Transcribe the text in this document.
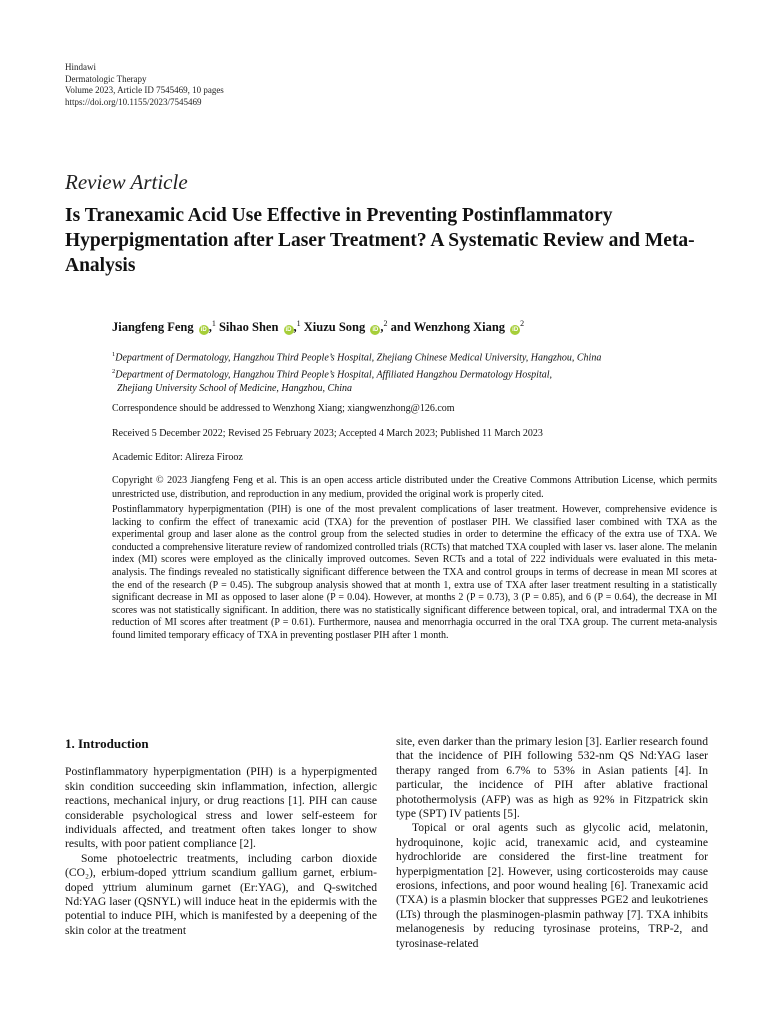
Hindawi
Dermatologic Therapy
Volume 2023, Article ID 7545469, 10 pages
https://doi.org/10.1155/2023/7545469
Review Article
Is Tranexamic Acid Use Effective in Preventing Postinflammatory Hyperpigmentation after Laser Treatment? A Systematic Review and Meta-Analysis
Jiangfeng Feng iD ,$^1$ Sihao Shen iD ,$^1$ Xiuzu Song iD ,$^2$ and Wenzhong Xiang $iD^2$
$^1$Department of Dermatology, Hangzhou Third People’s Hospital, Zhejiang Chinese Medical University, Hangzhou, China
$^2$Department of Dermatology, Hangzhou Third People’s Hospital, Affiliated Hangzhou Dermatology Hospital,
Zhejiang University School of Medicine, Hangzhou, China
Correspondence should be addressed to Wenzhong Xiang; xiangwenzhong@126.com
Received 5 December 2022; Revised 25 February 2023; Accepted 4 March 2023; Published 11 March 2023
Academic Editor: Alireza Firooz
Copyright © 2023 Jiangfeng Feng et al. This is an open access article distributed under the Creative Commons Attribution License, which permits unrestricted use, distribution, and reproduction in any medium, provided the original work is properly cited.

Postinflammatory hyperpigmentation (PIH) is one of the most prevalent complications of laser treatment. However, comprehensive evidence is lacking to confirm the effect of tranexamic acid (TXA) for the prevention of postlaser PIH. We classified laser combined with TXA as the experimental group and laser alone as the control group from the selected studies in order to determine the efficacy of the extra use of TXA. We conducted a comprehensive literature review of randomized controlled trials (RCTs) that matched TXA coupled with laser vs. laser alone. The melanin index (MI) scores were employed as the clinically improved outcomes. Seven RCTs and a total of 222 individuals were evaluated in this meta-analysis. The findings revealed no statistically significant difference between the TXA and control groups in terms of decrease in mean MI scores at the end of the research (P = 0.45). The subgroup analysis showed that at month 1, extra use of TXA after laser treatment resulting in a statistically significant decrease in MI as opposed to laser alone (P = 0.04). However, at months 2 (P = 0.73), 3 (P = 0.85), and 6 (P = 0.64), the decrease in MI scores was not statistically significant. In addition, there was no statistically significant difference between topical, oral, and intradermal TXA on the reduction of MI scores after treatment (P = 0.61). Furthermore, nausea and menorrhagia occurred in the oral TXA group. The current meta-analysis found limited temporary efficacy of TXA in preventing postlaser PIH after 1 month.

1. Introduction

Postinflammatory hyperpigmentation (PIH) is a hyperpigmented skin condition succeeding skin inflammation, infection, allergic reactions, mechanical injury, or drug reactions [1]. PIH can cause considerable psychological stress and lower self-esteem for individuals affected, and treatment often takes longer to show results, with poor patient compliance [2].

Some photoelectric treatments, including carbon dioxide (CO₂), erbium-doped yttrium scandium gallium garnet, erbium-doped yttrium aluminum garnet (Er:YAG), and Q-switched Nd:YAG laser (QSNYL) will induce heat in the epidermis with the potential to induce PIH, which is manifested by a deepening of the skin color at the treatment

site, even darker than the primary lesion [3]. Earlier research found that the incidence of PIH following 532-nm QS Nd:YAG laser therapy ranged from 6.7% to 53% in Asian patients [4]. In particular, the incidence of PIH after ablative fractional photothermolysis (AFP) was as high as 92% in Fitzpatrick skin type (SPT) IV patients [5].

Topical or oral agents such as glycolic acid, melatonin, hydroquinone, kojic acid, tranexamic acid, and cysteamine hydrochloride are considered the first-line treatment for hyperpigmentation [2]. However, using corticosteroids may cause erosions, infections, and poor wound healing [6]. Tranexamic acid (TXA) is a plasmin blocker that suppresses PGE2 and leukotrienes (LTs) through the plasminogen-plasmin pathway [7]. TXA inhibits melanogenesis by reducing tyrosinase proteins, TRP-2, and tyrosinase-related
